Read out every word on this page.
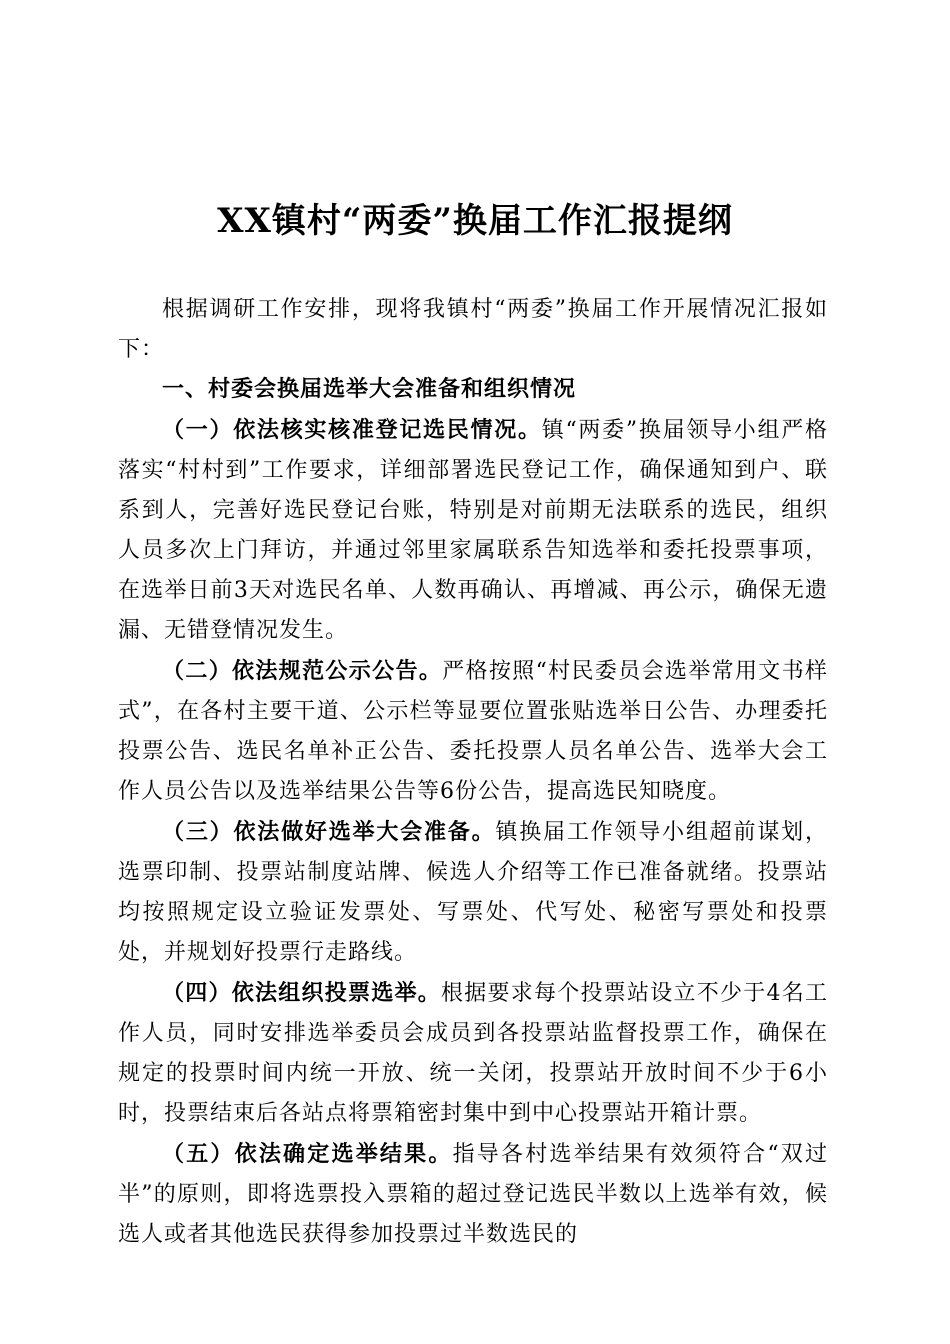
XX镇村“两委”换届工作汇报提纲

根据调研工作安排，现将我镇村“两委”换届工作开展情况汇报如下：

一、村委会换届选举大会准备和组织情况

（一）依法核实核准登记选民情况。镇“两委”换届领导小组严格落实“村村到”工作要求，详细部署选民登记工作，确保通知到户、联系到人，完善好选民登记台账，特别是对前期无法联系的选民，组织人员多次上门拜访，并通过邻里家属联系告知选举和委托投票事项，在选举日前3天对选民名单、人数再确认、再增减、再公示，确保无遗漏、无错登情况发生。

（二）依法规范公示公告。严格按照“村民委员会选举常用文书样式”，在各村主要干道、公示栏等显要位置张贴选举日公告、办理委托投票公告、选民名单补正公告、委托投票人员名单公告、选举大会工作人员公告以及选举结果公告等6份公告，提高选民知晓度。

（三）依法做好选举大会准备。镇换届工作领导小组超前谋划，选票印制、投票站制度站牌、候选人介绍等工作已准备就绪。投票站均按照规定设立验证发票处、写票处、代写处、秘密写票处和投票处，并规划好投票行走路线。

（四）依法组织投票选举。根据要求每个投票站设立不少于4名工作人员，同时安排选举委员会成员到各投票站监督投票工作，确保在规定的投票时间内统一开放、统一关闭，投票站开放时间不少于6小时，投票结束后各站点将票箱密封集中到中心投票站开箱计票。

（五）依法确定选举结果。指导各村选举结果有效须符合“双过半”的原则，即将选票投入票箱的超过登记选民半数以上选举有效，候选人或者其他选民获得参加投票过半数选民的
